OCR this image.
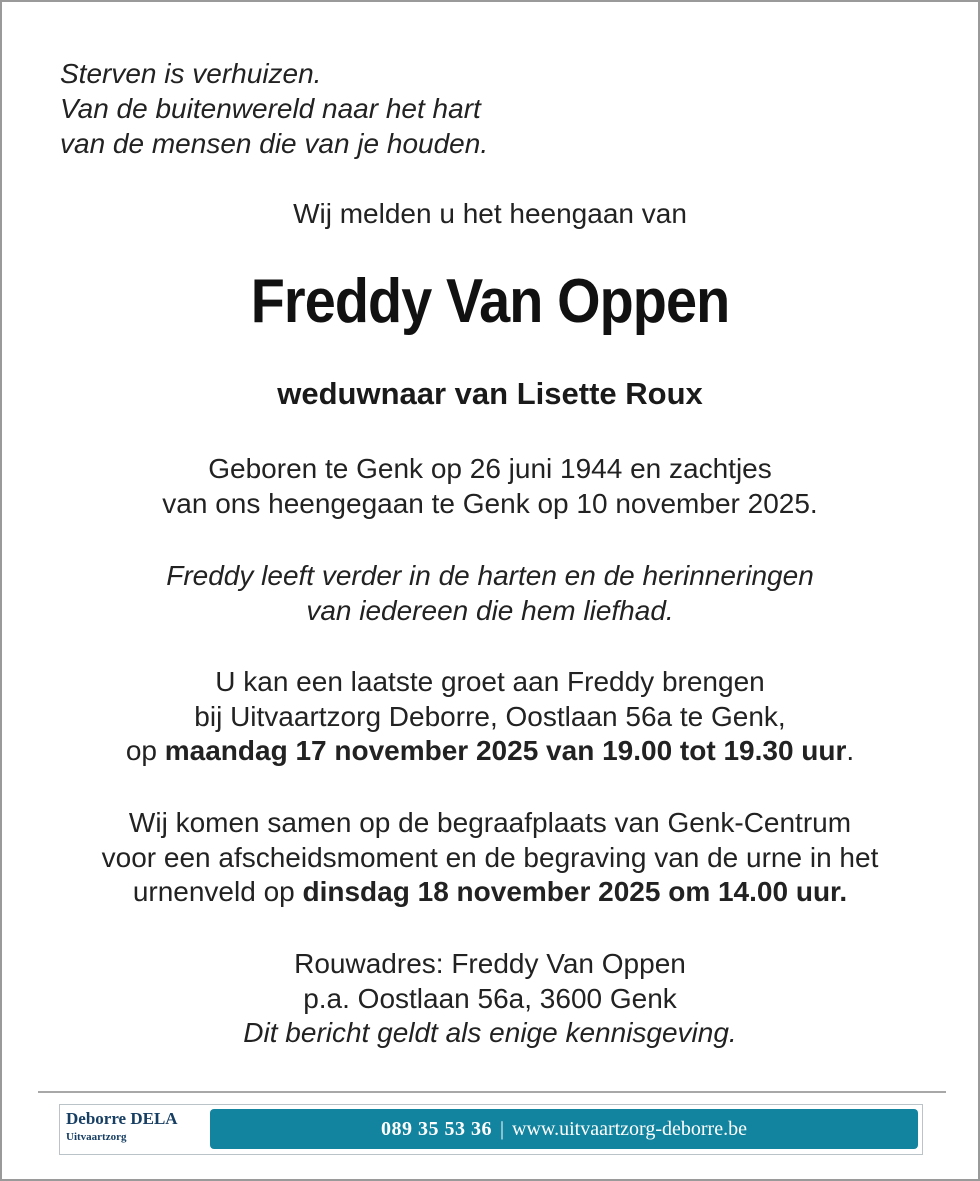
Sterven is verhuizen.
Van de buitenwereld naar het hart
van de mensen die van je houden.
Wij melden u het heengaan van
Freddy Van Oppen
weduwnaar van Lisette Roux
Geboren te Genk op 26 juni 1944 en zachtjes
van ons heengegaan te Genk op 10 november 2025.
Freddy leeft verder in de harten en de herinneringen
van iedereen die hem liefhad.
U kan een laatste groet aan Freddy brengen
bij Uitvaartzorg Deborre, Oostlaan 56a te Genk,
op maandag 17 november 2025 van 19.00 tot 19.30 uur.
Wij komen samen op de begraafplaats van Genk-Centrum
voor een afscheidsmoment en de begraving van de urne in het
urnenveld op dinsdag 18 november 2025 om 14.00 uur.
Rouwadres: Freddy Van Oppen
p.a. Oostlaan 56a, 3600 Genk
Dit bericht geldt als enige kennisgeving.
Deborre DELA
Uitvaartzorg	089 35 53 36 | www.uitvaartzorg-deborre.be
